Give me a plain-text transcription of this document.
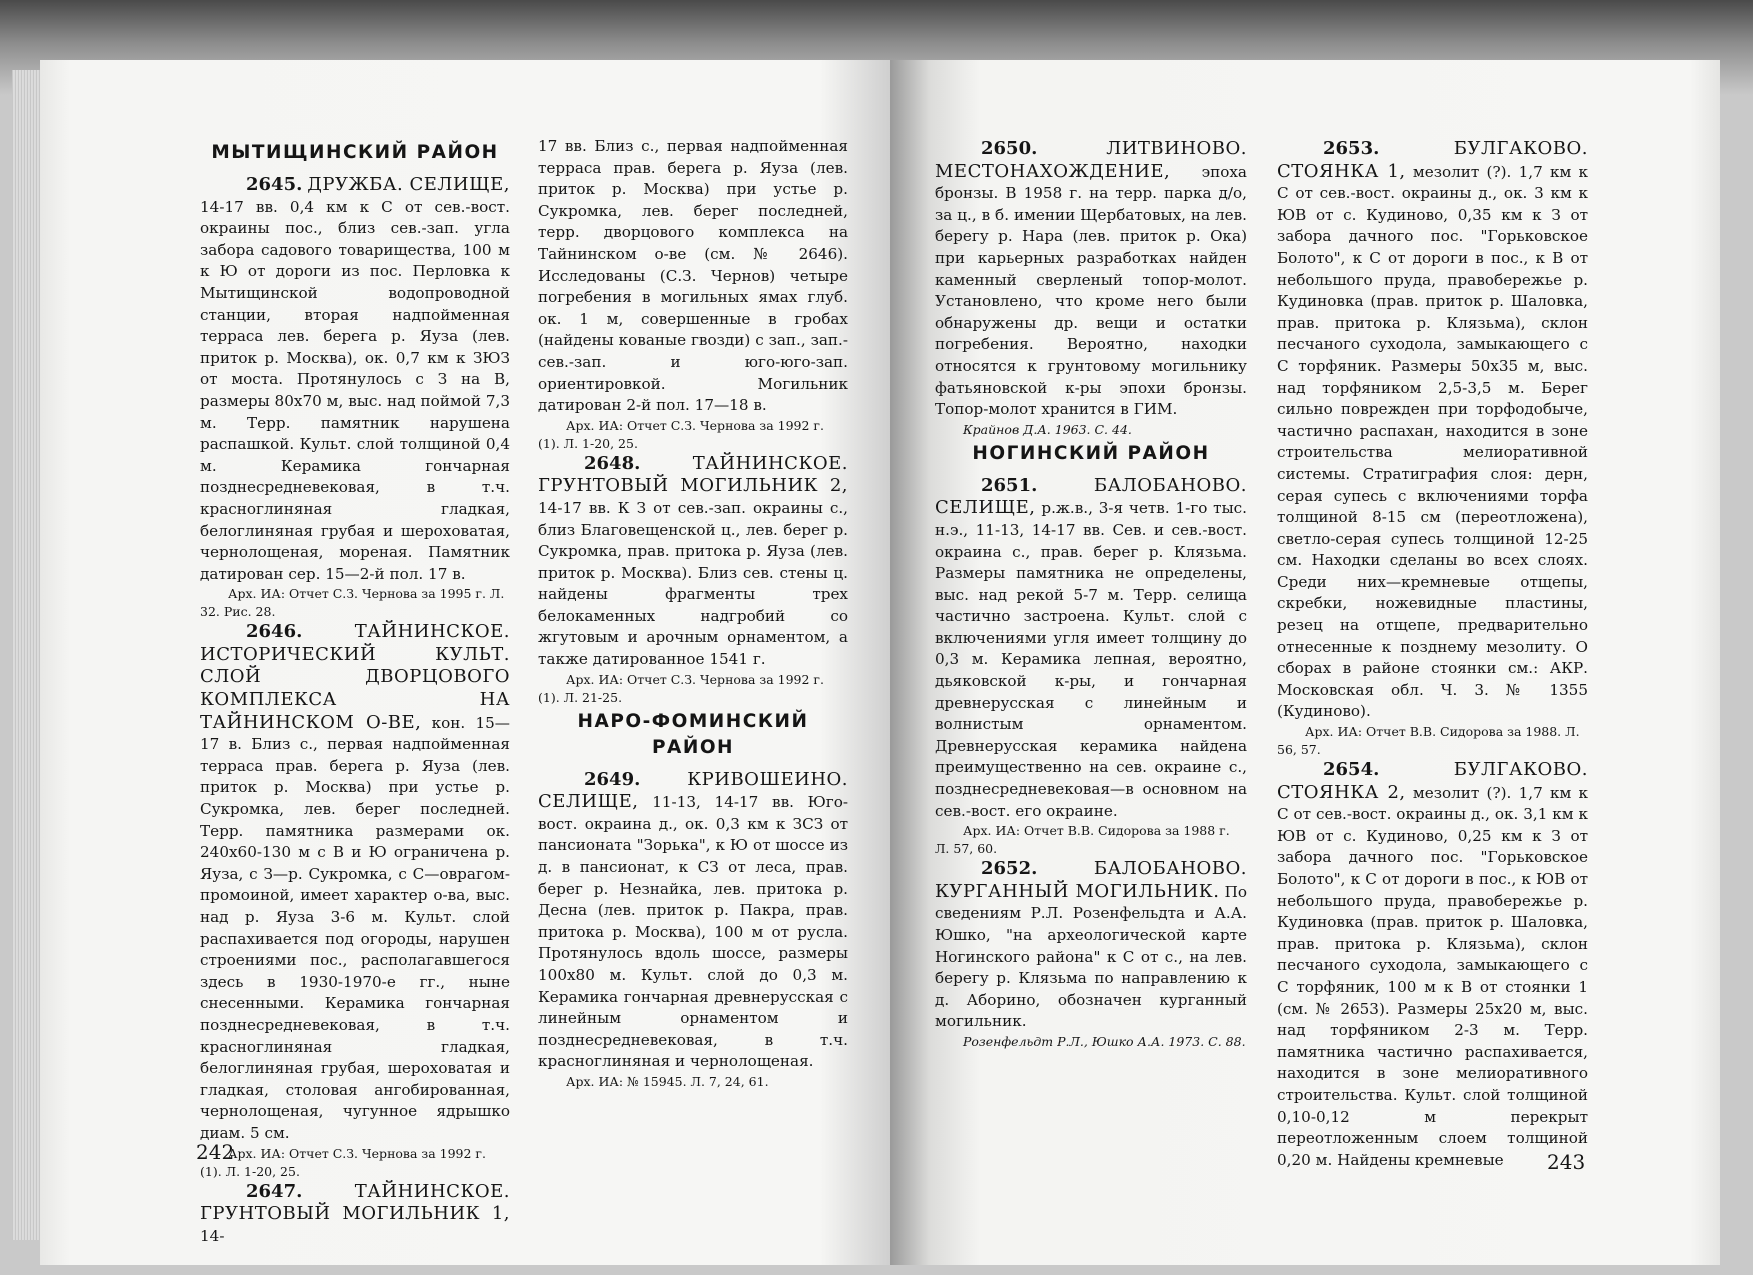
МЫТИЩИНСКИЙ РАЙОН

2645. ДРУЖБА. СЕЛИЩЕ, 14-17 вв. 0,4 км к С от сев.-вост. окраины пос., близ сев.-зап. угла забора садового товарищества, 100 м к Ю от дороги из пос. Перловка к Мытищинской водопроводной станции, вторая надпойменная терраса лев. берега р. Яуза (лев. приток р. Москва), ок. 0,7 км к ЗЮЗ от моста. Протянулось с З на В, размеры 80х70 м, выс. над поймой 7,3 м. Терр. памятник нарушена распашкой. Культ. слой толщиной 0,4 м. Керамика гончарная позднесредневековая, в т.ч. красноглиняная гладкая, белоглиняная грубая и шероховатая, чернолощеная, мореная. Памятник датирован сер. 15—2-й пол. 17 в.

Арх. ИА: Отчет С.З. Чернова за 1995 г. Л. 32. Рис. 28.

2646.	ТАЙНИНСКОЕ. ИСТОРИЧЕСКИЙ КУЛЬТ. СЛОЙ ДВОРЦОВОГО КОМПЛЕКСА НА ТАЙНИНСКОМ О-ВЕ, кон. 15—17 в. Близ с., первая надпойменная терраса прав. берега р. Яуза (лев. приток р. Москва) при устье р. Сукромка, лев. берег последней. Терр. памятника размерами ок. 240х60-130 м с В и Ю ограничена р. Яуза, с З—р. Сукромка, с С—оврагом-промоиной, имеет характер о-ва, выс. над р. Яуза 3-6 м. Культ. слой распахивается под огороды, нарушен строениями пос., располагавшегося здесь в 1930-1970-е гг., ныне снесенными. Керамика гончарная позднесредневековая, в т.ч. красноглиняная гладкая, белоглиняная грубая, шероховатая и гладкая, столовая ангобированная, чернолощеная, чугунное ядрышко диам. 5 см.

Арх. ИА: Отчет С.З. Чернова за 1992 г. (1). Л. 1-20, 25.

2647.	ТАЙНИНСКОЕ. ГРУНТОВЫЙ МОГИЛЬНИК 1, 14-

17 вв. Близ с., первая надпойменная терраса прав. берега р. Яуза (лев. приток р. Москва) при устье р. Сукромка, лев. берег последней, терр. дворцового комплекса на Тайнинском о-ве (см. № 2646). Исследованы (С.З. Чернов) четыре погребения в могильных ямах глуб. ок. 1 м, совершенные в гробах (найдены кованые гвозди) с зап., зап.-сев.-зап. и юго-юго-зап. ориентировкой. Могильник датирован 2-й пол. 17—18 в.

Арх. ИА: Отчет С.З. Чернова за 1992 г. (1). Л. 1-20, 25.

2648.	ТАЙНИНСКОЕ. ГРУНТОВЫЙ МОГИЛЬНИК 2, 14-17 вв. К З от сев.-зап. окраины с., близ Благовещенской ц., лев. берег р. Сукромка, прав. притока р. Яуза (лев. приток р. Москва). Близ сев. стены ц. найдены фрагменты трех белокаменных надгробий со жгутовым и арочным орнаментом, а также датированное 1541 г.

Арх. ИА: Отчет С.З. Чернова за 1992 г. (1). Л. 21-25.

НАРО-ФОМИНСКИЙ РАЙОН

2649.	КРИВОШЕИНО. СЕЛИЩЕ, 11-13, 14-17 вв. Юго-вост. окраина д., ок. 0,3 км к ЗСЗ от пансионата "Зорька", к Ю от шоссе из д. в пансионат, к СЗ от леса, прав. берег р. Незнайка, лев. притока р. Десна (лев. приток р. Пакра, прав. притока р. Москва), 100 м от русла. Протянулось вдоль шоссе, размеры 100х80 м. Культ. слой до 0,3 м. Керамика гончарная древнерусская с линейным орнаментом и позднесредневековая, в т.ч. красноглиняная и чернолощеная.

Арх. ИА: № 15945. Л. 7, 24, 61.

242

2650.	ЛИТВИНОВО. МЕСТОНАХОЖДЕНИЕ, эпоха бронзы. В 1958 г. на терр. парка д/о, за ц., в б. имении Щербатовых, на лев. берегу р. Нара (лев. приток р. Ока) при карьерных разработках найден каменный сверленый топор-молот. Установлено, что кроме него были обнаружены др. вещи и остатки погребения. Вероятно, находки относятся к грунтовому могильнику фатьяновской к-ры эпохи бронзы. Топор-молот хранится в ГИМ.

Крайнов Д.А. 1963. С. 44.

НОГИНСКИЙ РАЙОН

2651.	БАЛОБАНОВО. СЕЛИЩЕ, р.ж.в., 3-я четв. 1-го тыс. н.э., 11-13, 14-17 вв. Сев. и сев.-вост. окраина с., прав. берег р. Клязьма. Размеры памятника не определены, выс. над рекой 5-7 м. Терр. селища частично застроена. Культ. слой с включениями угля имеет толщину до 0,3 м. Керамика лепная, вероятно, дьяковской к-ры, и гончарная древнерусская с линейным и волнистым орнаментом. Древнерусская керамика найдена преимущественно на сев. окраине с., позднесредневековая—в основном на сев.-вост. его окраине.

Арх. ИА: Отчет В.В. Сидорова за 1988 г. Л. 57, 60.

2652.	БАЛОБАНОВО. КУРГАННЫЙ МОГИЛЬНИК. По сведениям Р.Л. Розенфельдта и А.А. Юшко, "на археологической карте Ногинского района" к С от с., на лев. берегу р. Клязьма по направлению к д. Аборино, обозначен курганный могильник.

Розенфельдт Р.Л., Юшко А.А. 1973. С. 88.

2653.	БУЛГАКОВО. СТОЯНКА 1, мезолит (?). 1,7 км к С от сев.-вост. окраины д., ок. 3 км к ЮВ от с. Кудиново, 0,35 км к З от забора дачного пос. "Горьковское Болото", к С от дороги в пос., к В от небольшого пруда, правобережье р. Кудиновка (прав. приток р. Шаловка, прав. притока р. Клязьма), склон песчаного суходола, замыкающего с С торфяник. Размеры 50х35 м, выс. над торфяником 2,5-3,5 м. Берег сильно поврежден при торфодобыче, частично распахан, находится в зоне строительства мелиоративной системы. Стратиграфия слоя: дерн, серая супесь с включениями торфа толщиной 8-15 см (переотложена), светло-серая супесь толщиной 12-25 см. Находки сделаны во всех слоях. Среди них—кремневые отщепы, скребки, ножевидные пластины, резец на отщепе, предварительно отнесенные к позднему мезолиту. О сборах в районе стоянки см.: АКР. Московская обл. Ч. 3. № 1355 (Кудиново).

Арх. ИА: Отчет В.В. Сидорова за 1988. Л. 56, 57.

2654.	БУЛГАКОВО. СТОЯНКА 2, мезолит (?). 1,7 км к С от сев.-вост. окраины д., ок. 3,1 км к ЮВ от с. Кудиново, 0,25 км к З от забора дачного пос. "Горьковское Болото", к С от дороги в пос., к ЮВ от небольшого пруда, правобережье р. Кудиновка (прав. приток р. Шаловка, прав. притока р. Клязьма), склон песчаного суходола, замыкающего с С торфяник, 100 м к В от стоянки 1 (см. № 2653). Размеры 25х20 м, выс. над торфяником 2-3 м. Терр. памятника частично распахивается, находится в зоне мелиоративного строительства. Культ. слой толщиной 0,10-0,12 м перекрыт переотложенным слоем толщиной 0,20 м. Найдены кремневые	243
